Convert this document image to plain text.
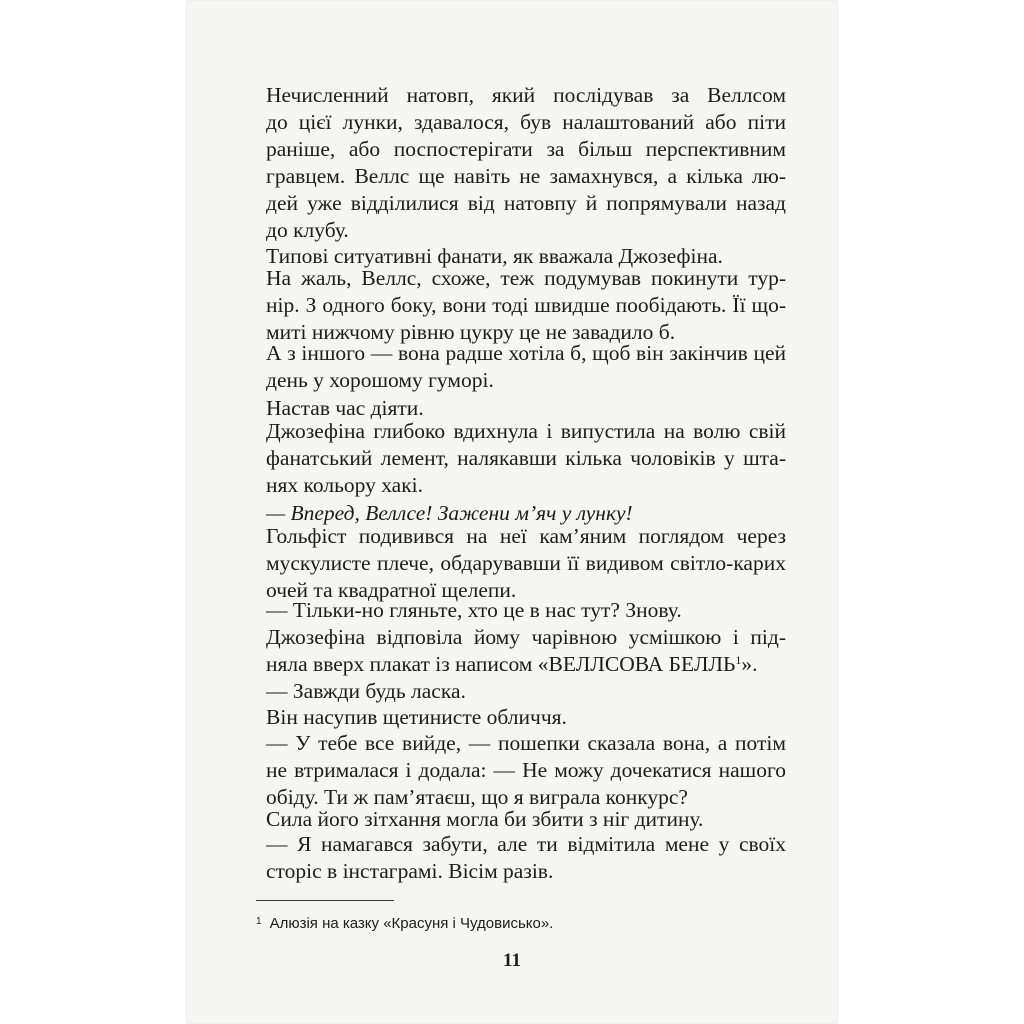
Нечисленний натовп, який послідував за Веллсом
до цієї лунки, здавалося, був налаштований або піти
раніше, або поспостерігати за більш перспективним
гравцем. Веллс ще навіть не замахнувся, а кілька лю-
дей уже відділилися від натовпу й попрямували назад
до клубу.
Типові ситуативні фанати, як вважала Джозефіна.
На жаль, Веллс, схоже, теж подумував покинути тур-
нір. З одного боку, вони тоді швидше пообідають. Її що-
миті нижчому рівню цукру це не завадило б.
А з іншого — вона радше хотіла б, щоб він закінчив цей
день у хорошому гуморі.
Настав час діяти.
Джозефіна глибоко вдихнула і випустила на волю свій
фанатський лемент, налякавши кілька чоловіків у шта-
нях кольору хакі.
— Вперед, Веллсе! Зажени м’яч у лунку!
Гольфіст подивився на неї кам’яним поглядом через
мускулисте плече, обдарувавши її видивом світло-карих
очей та квадратної щелепи.
— Тільки-но гляньте, хто це в нас тут? Знову.
Джозефіна відповіла йому чарівною усмішкою і під-
няла вверх плакат із написом «ВЕЛЛСОВА БЕЛЛЬ$^1$».
— Завжди будь ласка.
Він насупив щетинисте обличчя.
— У тебе все вийде, — пошепки сказала вона, а потім
не втрималася і додала: — Не можу дочекатися нашого
обіду. Ти ж пам’ятаєш, що я виграла конкурс?
Сила його зітхання могла би збити з ніг дитину.
— Я намагався забути, але ти відмітила мене у своїх
сторіс в інстаграмі. Вісім разів.
$^1$ Алюзія на казку «Красуня і Чудовисько».
11
